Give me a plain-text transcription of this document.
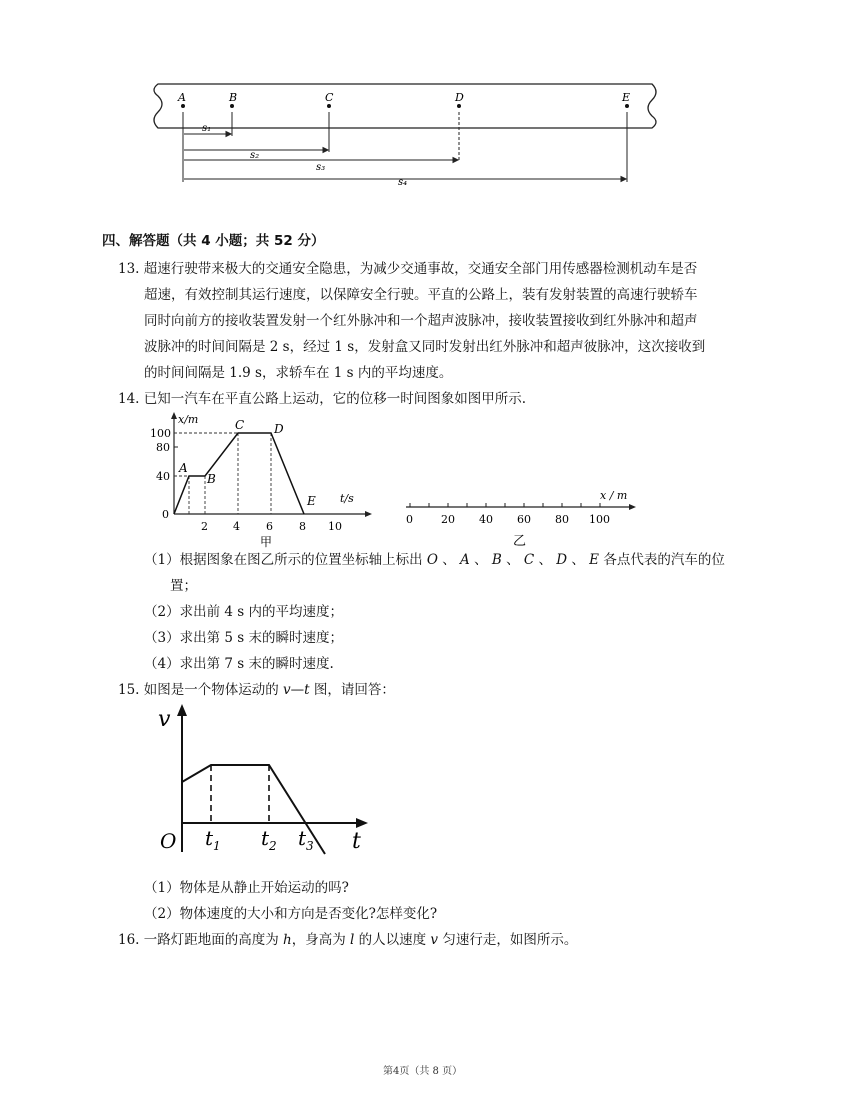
A	B	C	D	E
s₁
s₂
s₃
s₄
四、解答题（共 4 小题；共 52 分）
13. 超速行驶带来极大的交通安全隐患，为减少交通事故，交通安全部门用传感器检测机动车是否
超速，有效控制其运行速度，以保障安全行驶。平直的公路上，装有发射装置的高速行驶轿车
同时向前方的接收装置发射一个红外脉冲和一个超声波脉冲，接收装置接收到红外脉冲和超声
波脉冲的时间间隔是 2 s，经过 1 s，发射盒又同时发射出红外脉冲和超声彼脉冲，这次接收到
的时间间隔是 1.9 s，求轿车在 1 s 内的平均速度。
14. 已知一汽车在平直公路上运动，它的位移一时间图象如图甲所示.
x/m
t/s
100
80
40
0
2 4 6 8 10
A
B
C D
E
甲
x / m
0	20 40 60 80 100
乙
（1）根据图象在图乙所示的位置坐标轴上标出 𝑂 、 𝐴 、 𝐵 、 𝐶 、 𝐷 、 𝐸 各点代表的汽车的位
置；
（2）求出前 4 s 内的平均速度；
（3）求出第 5 s 末的瞬时速度；
（4）求出第 7 s 末的瞬时速度.
15. 如图是一个物体运动的 𝑣—𝑡 图，请回答：
v
t
O $t_1$ $t_2$ $t_3$
（1）物体是从静止开始运动的吗?
（2）物体速度的大小和方向是否变化?怎样变化?
16. 一路灯距地面的高度为 ℎ，身高为 𝑙 的人以速度 𝑣 匀速行走，如图所示。
第4页（共 8 页）
